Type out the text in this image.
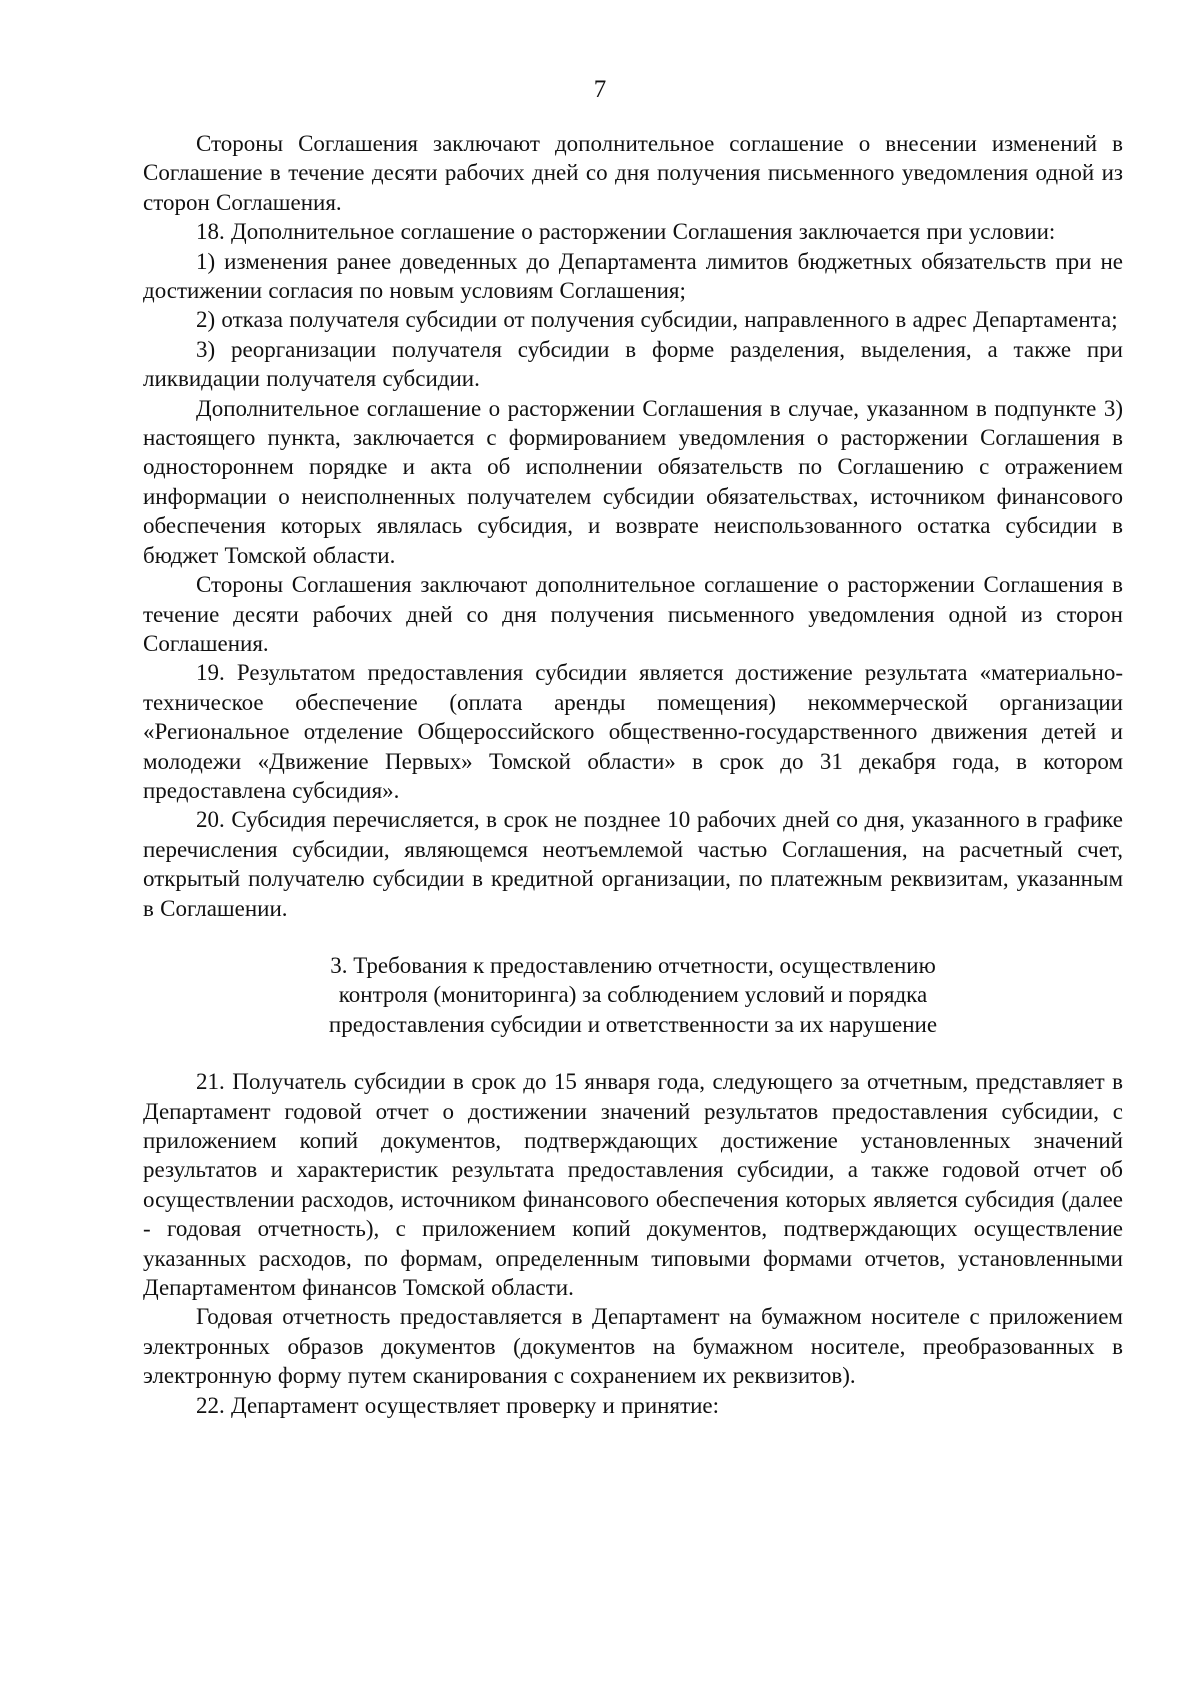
7

Стороны Соглашения заключают дополнительное соглашение о внесении изменений в Соглашение в течение десяти рабочих дней со дня получения письменного уведомления одной из сторон Соглашения.

18. Дополнительное соглашение о расторжении Соглашения заключается при условии:

1) изменения ранее доведенных до Департамента лимитов бюджетных обязательств при не достижении согласия по новым условиям Соглашения;

2) отказа получателя субсидии от получения субсидии, направленного в адрес Департамента;

3) реорганизации получателя субсидии в форме разделения, выделения, а также при ликвидации получателя субсидии.

Дополнительное соглашение о расторжении Соглашения в случае, указанном в подпункте 3) настоящего пункта, заключается с формированием уведомления о расторжении Соглашения в одностороннем порядке и акта об исполнении обязательств по Соглашению с отражением информации о неисполненных получателем субсидии обязательствах, источником финансового обеспечения которых являлась субсидия, и возврате неиспользованного остатка субсидии в бюджет Томской области.

Стороны Соглашения заключают дополнительное соглашение о расторжении Соглашения в течение десяти рабочих дней со дня получения письменного уведомления одной из сторон Соглашения.

19. Результатом предоставления субсидии является достижение результата «материально-техническое обеспечение (оплата аренды помещения) некоммерческой организации «Региональное отделение Общероссийского общественно-государственного движения детей и молодежи «Движение Первых» Томской области» в срок до 31 декабря года, в котором предоставлена субсидия».

20. Субсидия перечисляется, в срок не позднее 10 рабочих дней со дня, указанного в графике перечисления субсидии, являющемся неотъемлемой частью Соглашения, на расчетный счет, открытый получателю субсидии в кредитной организации, по платежным реквизитам, указанным в Соглашении.

3. Требования к предоставлению отчетности, осуществлению
контроля (мониторинга) за соблюдением условий и порядка
предоставления субсидии и ответственности за их нарушение

21. Получатель субсидии в срок до 15 января года, следующего за отчетным, представляет в Департамент годовой отчет о достижении значений результатов предоставления субсидии, с приложением копий документов, подтверждающих достижение установленных значений результатов и характеристик результата предоставления субсидии, а также годовой отчет об осуществлении расходов, источником финансового обеспечения которых является субсидия (далее - годовая отчетность), с приложением копий документов, подтверждающих осуществление указанных расходов, по формам, определенным типовыми формами отчетов, установленными Департаментом финансов Томской области.

Годовая отчетность предоставляется в Департамент на бумажном носителе с приложением электронных образов документов (документов на бумажном носителе, преобразованных в электронную форму путем сканирования с сохранением их реквизитов).

22. Департамент осуществляет проверку и принятие:
